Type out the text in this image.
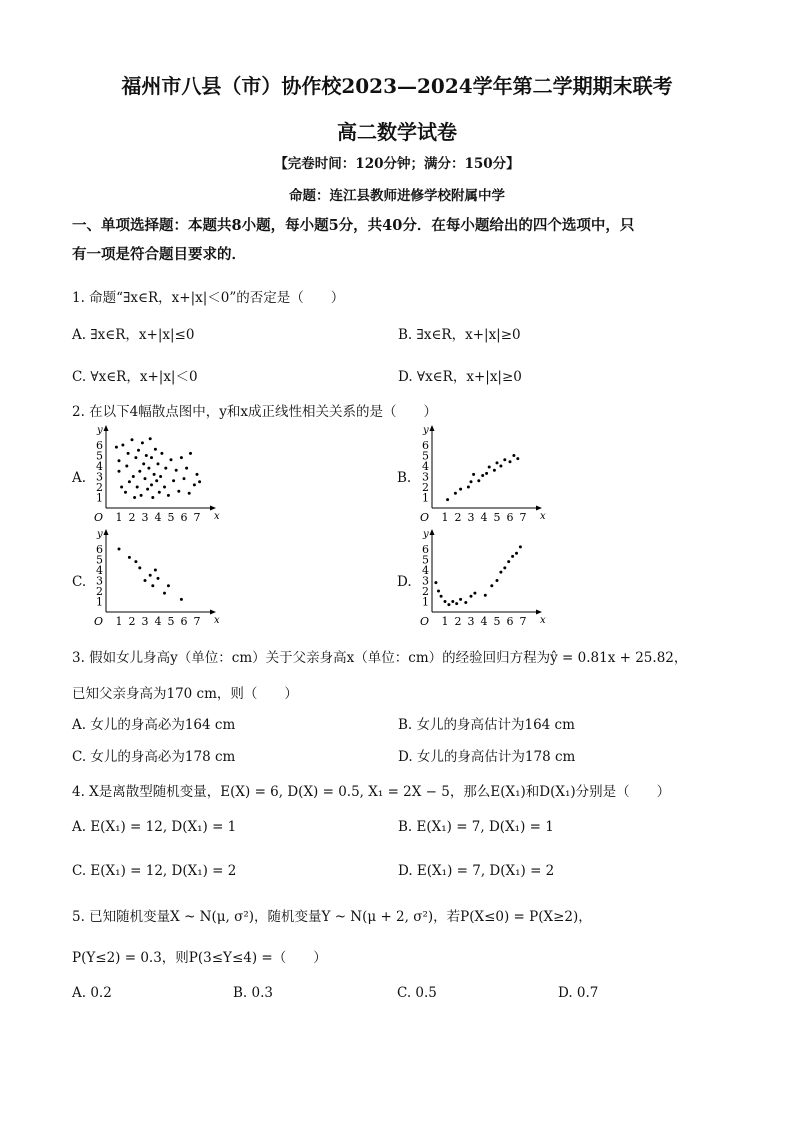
福州市八县（市）协作校2023—2024学年第二学期期末联考
高二数学试卷
【完卷时间：120分钟；满分：150分】
命题：连江县教师进修学校附属中学
一、单项选择题：本题共8小题，每小题5分，共40分．在每小题给出的四个选项中，只
有一项是符合题目要求的．
1. 命题“∃x∈R，x+|x|＜0”的否定是（　　）
A. ∃x∈R，x+|x|≤0	B. ∃x∈R，x+|x|≥0
C. ∀x∈R，x+|x|＜0	D. ∀x∈R，x+|x|≥0
2. 在以下4幅散点图中，y和x成正线性相关关系的是（　　）
A.	B.
C.	D.
y
x
O 1 2 3 4 5 6 7
1
2
3
4
5
6
y
x
O 1 2 3 4 5 6 7
1
2
3
4
5
6
y
x
O 1 2 3 4 5 6 7
1
2
3
4
5
6
y
x
O 1 2 3 4 5 6 7
1
2
3
4
5
6
3. 假如女儿身高y（单位：cm）关于父亲身高x（单位：cm）的经验回归方程为ŷ = 0.81x + 25.82，
已知父亲身高为170 cm，则（　　）
A. 女儿的身高必为164 cm	B. 女儿的身高估计为164 cm
C. 女儿的身高必为178 cm	D. 女儿的身高估计为178 cm
4. X是离散型随机变量，E(X) = 6, D(X) = 0.5, X₁ = 2X − 5，那么E(X₁)和D(X₁)分别是（　　）
A. E(X₁) = 12, D(X₁) = 1	B. E(X₁) = 7, D(X₁) = 1
C. E(X₁) = 12, D(X₁) = 2	D. E(X₁) = 7, D(X₁) = 2
5. 已知随机变量X ~ N(μ, σ²)，随机变量Y ~ N(μ + 2, σ²)，若P(X≤0) = P(X≥2)，
P(Y≤2) = 0.3，则P(3≤Y≤4) =（　　）
A. 0.2	B. 0.3	C. 0.5	D. 0.7
